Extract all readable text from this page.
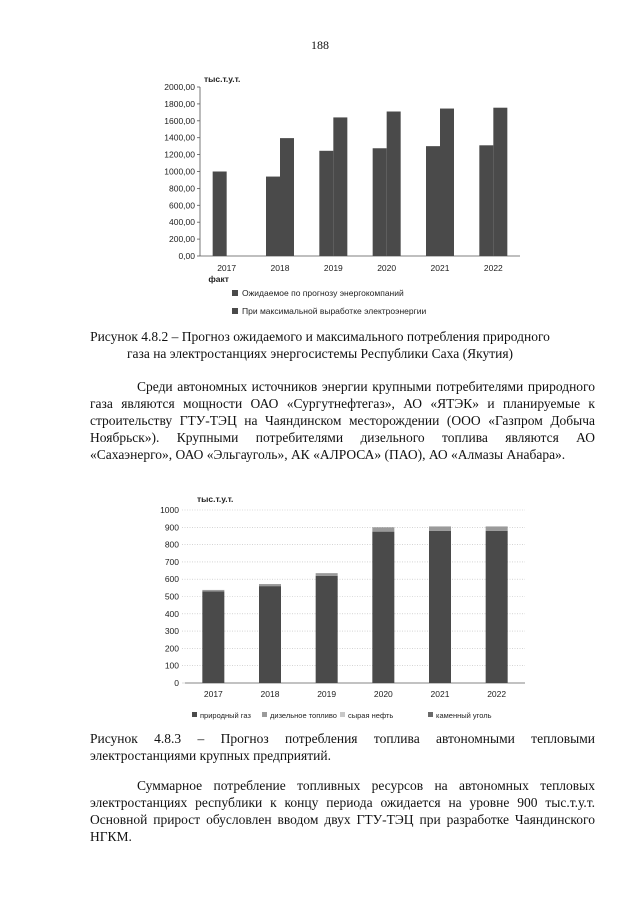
188
тыс.т.у.т.
0,00
200,00
400,00
600,00
800,00
1000,00
1200,00
1400,00
1600,00
1800,00
2000,00
2017
факт
2018	2019	2020	2021	2022
Ожидаемое по прогнозу энергокомпаний
При максимальной выработке электроэнергии
Рисунок 4.8.2 – Прогноз ожидаемого и максимального потребления природного
газа на электростанциях энергосистемы Республики Саха (Якутия)
Среди автономных источников энергии крупными потребителями природного газа являются мощности ОАО «Сургутнефтегаз», АО «ЯТЭК» и планируемые к строительству ГТУ-ТЭЦ на Чаяндинском месторождении (ООО «Газпром Добыча Ноябрьск»). Крупными потребителями дизельного топлива являются АО «Сахаэнерго», ОАО «Эльгауголь», АК «АЛРОСА» (ПАО), АО «Алмазы Анабара».
тыс.т.у.т.
0
100
200
300
400
500
600
700
800
900
1000
2017	2018	2019	2020	2021	2022
природный газ	дизельное топливо сырая нефть	каменный уголь
Рисунок 4.8.3 – Прогноз потребления топлива автономными тепловыми электростанциями крупных предприятий.
Суммарное потребление топливных ресурсов на автономных тепловых электростанциях республики к концу периода ожидается на уровне 900 тыс.т.у.т. Основной прирост обусловлен вводом двух ГТУ-ТЭЦ при разработке Чаяндинского НГКМ.
